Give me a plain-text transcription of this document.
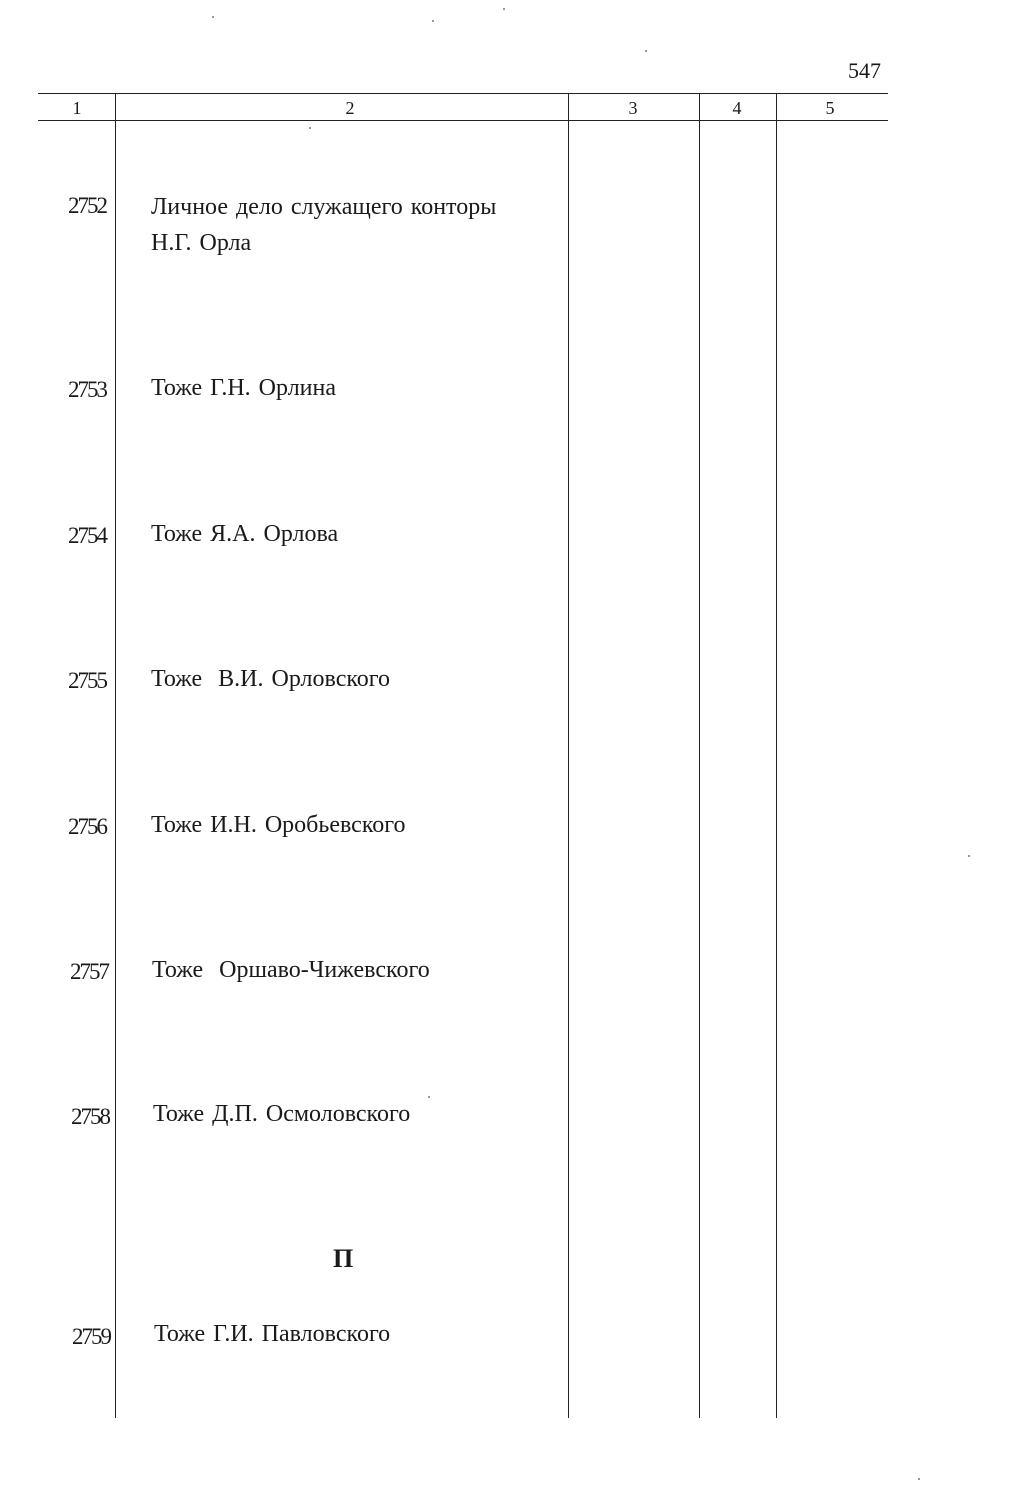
547
1	2	3	4	5
2752 Личное дело служащего конторы
Н.Г. Орла
2753 Тоже Г.Н. Орлина
2754 Тоже Я.А. Орлова
2755 Тоже  В.И. Орловского
2756 Тоже И.Н. Оробьевского
2757 Тоже  Оршаво-Чижевского
2758 Тоже Д.П. Осмоловского
П
2759 Тоже Г.И. Павловского
